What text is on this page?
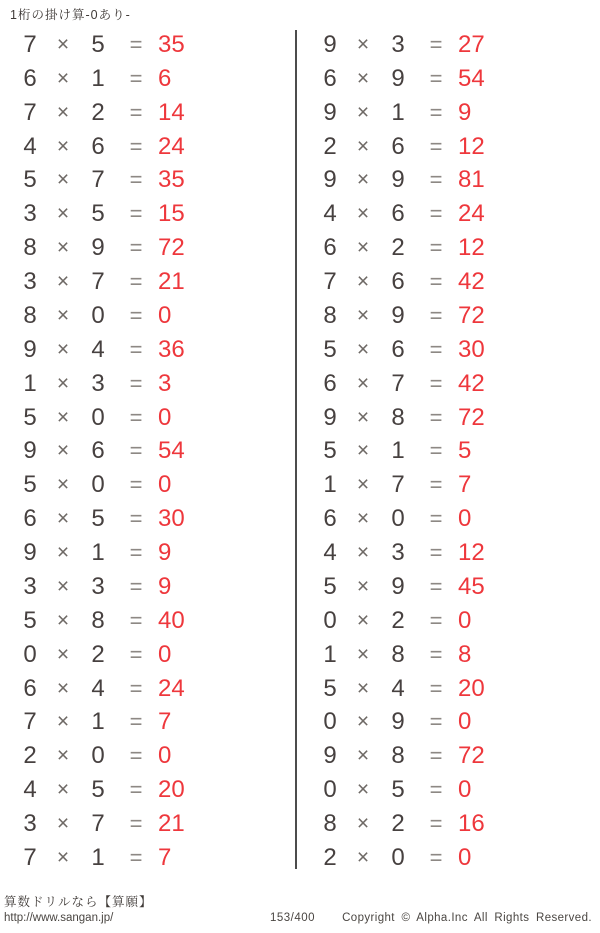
1桁の掛け算-0あり-
7 × 5	= 35
6 × 1	= 6
7 × 2	= 14
4 × 6	= 24
5 × 7	= 35
3 × 5	= 15
8 × 9	= 72
3 × 7	= 21
8 × 0	= 0
9 × 4	= 36
1 × 3	= 3
5 × 0	= 0
9 × 6	= 54
5 × 0	= 0
6 × 5	= 30
9 × 1	= 9
3 × 3	= 9
5 × 8	= 40
0 × 2	= 0
6 × 4	= 24
7 × 1	= 7
2 × 0	= 0
4 × 5	= 20
3 × 7	= 21
7 × 1	= 7
9 × 3	= 27
6 × 9	= 54
9 × 1	= 9
2 × 6	= 12
9 × 9	= 81
4 × 6	= 24
6 × 2	= 12
7 × 6	= 42
8 × 9	= 72
5 × 6	= 30
6 × 7	= 42
9 × 8	= 72
5 × 1	= 5
1 × 7	= 7
6 × 0	= 0
4 × 3	= 12
5 × 9	= 45
0 × 2	= 0
1 × 8	= 8
5 × 4	= 20
0 × 9	= 0
9 × 8	= 72
0 × 5	= 0
8 × 2	= 16
2 × 0	= 0
算数ドリルなら【算願】
http://www.sangan.jp/	153/400 Copyright © Alpha.Inc All Rights Reserved.
